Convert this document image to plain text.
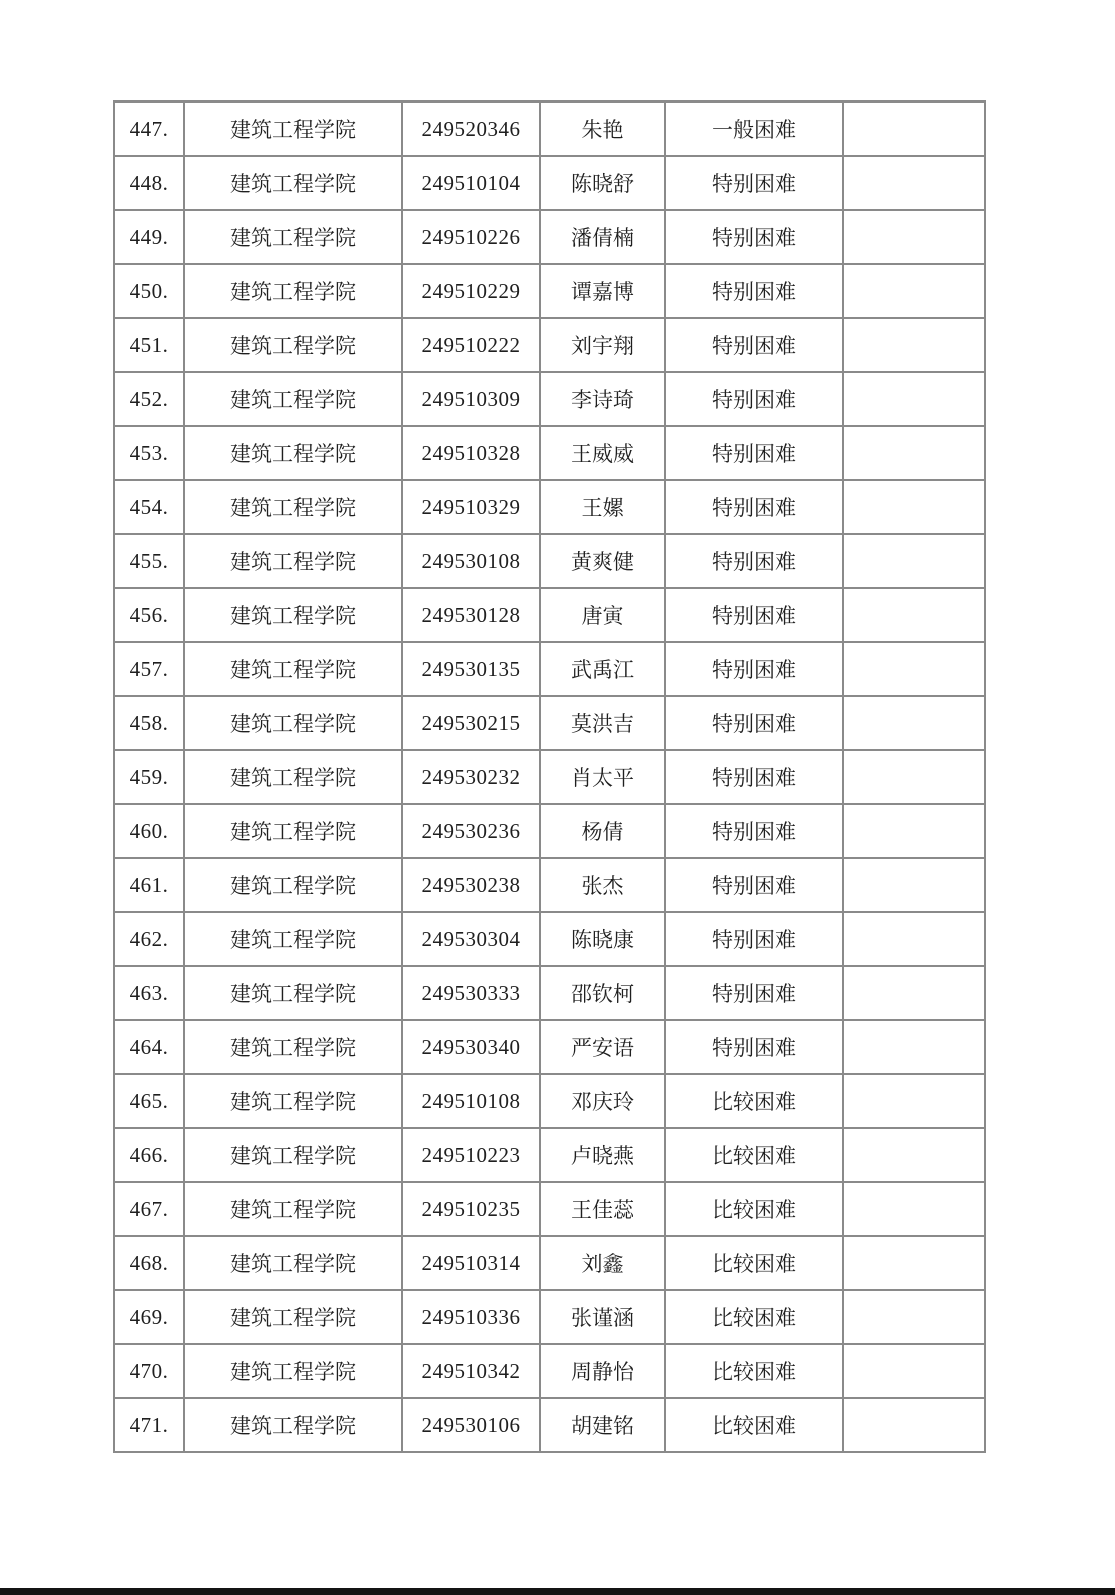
447.	建筑工程学院	249520346	朱艳	一般困难	
448.	建筑工程学院	249510104	陈晓舒	特别困难	
449.	建筑工程学院	249510226	潘倩楠	特别困难	
450.	建筑工程学院	249510229	谭嘉博	特别困难	
451.	建筑工程学院	249510222	刘宇翔	特别困难	
452.	建筑工程学院	249510309	李诗琦	特别困难	
453.	建筑工程学院	249510328	王威威	特别困难	
454.	建筑工程学院	249510329	王嫘	特别困难	
455.	建筑工程学院	249530108	黄爽健	特别困难	
456.	建筑工程学院	249530128	唐寅	特别困难	
457.	建筑工程学院	249530135	武禹江	特别困难	
458.	建筑工程学院	249530215	莫洪吉	特别困难	
459.	建筑工程学院	249530232	肖太平	特别困难	
460.	建筑工程学院	249530236	杨倩	特别困难	
461.	建筑工程学院	249530238	张杰	特别困难	
462.	建筑工程学院	249530304	陈晓康	特别困难	
463.	建筑工程学院	249530333	邵钦柯	特别困难	
464.	建筑工程学院	249530340	严安语	特别困难	
465.	建筑工程学院	249510108	邓庆玲	比较困难	
466.	建筑工程学院	249510223	卢晓燕	比较困难	
467.	建筑工程学院	249510235	王佳蕊	比较困难	
468.	建筑工程学院	249510314	刘鑫	比较困难	
469.	建筑工程学院	249510336	张谨涵	比较困难	
470.	建筑工程学院	249510342	周静怡	比较困难	
471.	建筑工程学院	249530106	胡建铭	比较困难	
